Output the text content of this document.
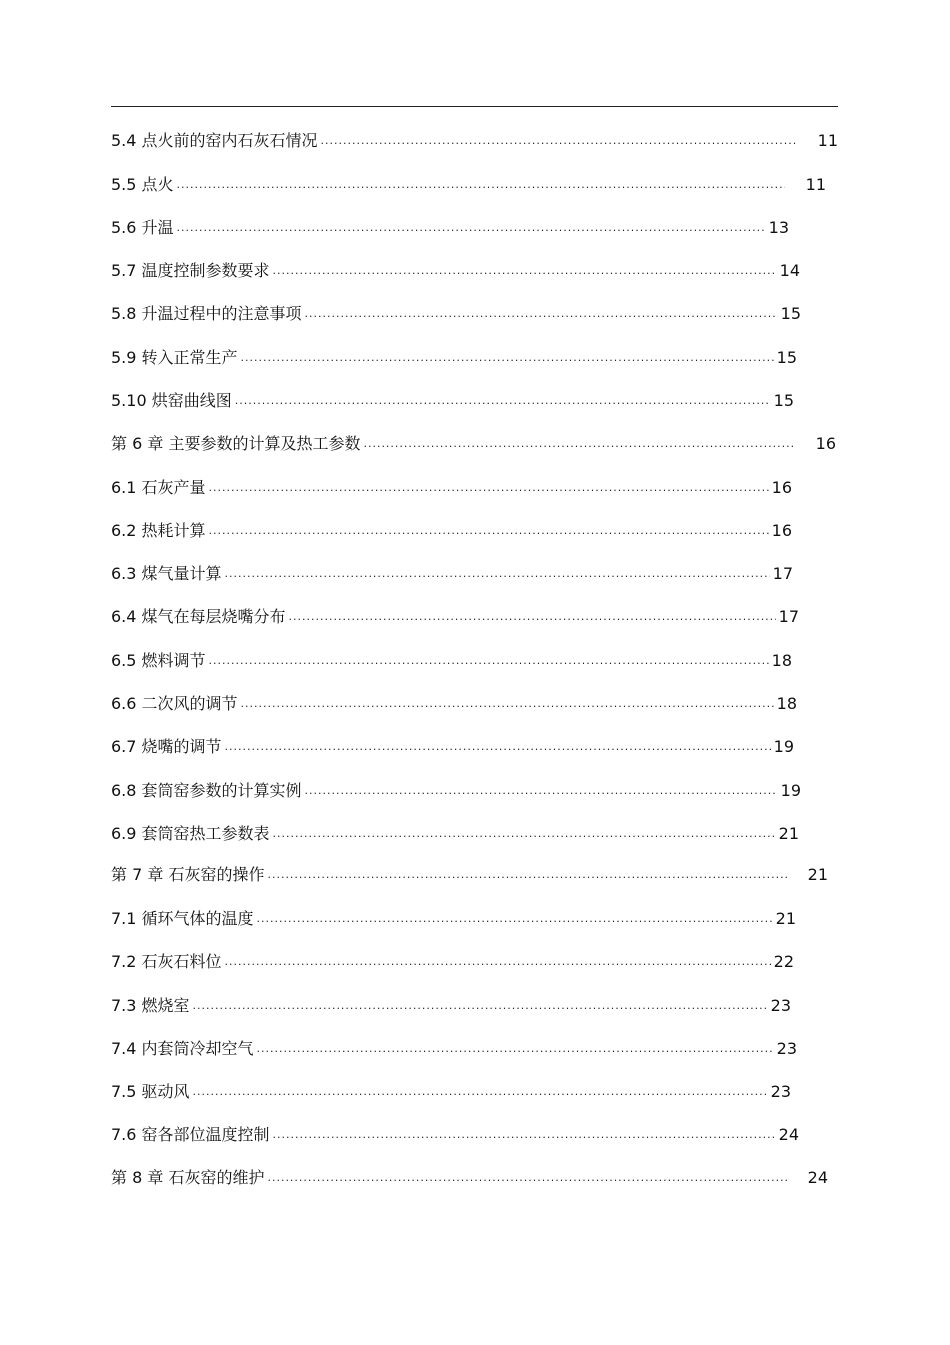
5.4 点火前的窑内石灰石情况 .....	11
5.5 点火 .....	11
5.6 升温 .....	13
5.7 温度控制参数要求 .....	14
5.8 升温过程中的注意事项 .....	15
5.9 转入正常生产 .....	15
5.10 烘窑曲线图 .....	15
第 6 章 主要参数的计算及热工参数 .....	16
6.1 石灰产量 .....	16
6.2 热耗计算 .....	16
6.3 煤气量计算 .....	17
6.4 煤气在每层烧嘴分布 .....	17
6.5 燃料调节 .....	18
6.6 二次风的调节 .....	18
6.7 烧嘴的调节 .....	19
6.8 套筒窑参数的计算实例 .....	19
6.9 套筒窑热工参数表 .....	21
第 7 章 石灰窑的操作 .....	21
7.1 循环气体的温度 .....	21
7.2 石灰石料位 .....	22
7.3 燃烧室 .....	23
7.4 内套筒冷却空气 .....	23
7.5 驱动风 .....	23
7.6 窑各部位温度控制 .....	24
第 8 章 石灰窑的维护 .....	24
